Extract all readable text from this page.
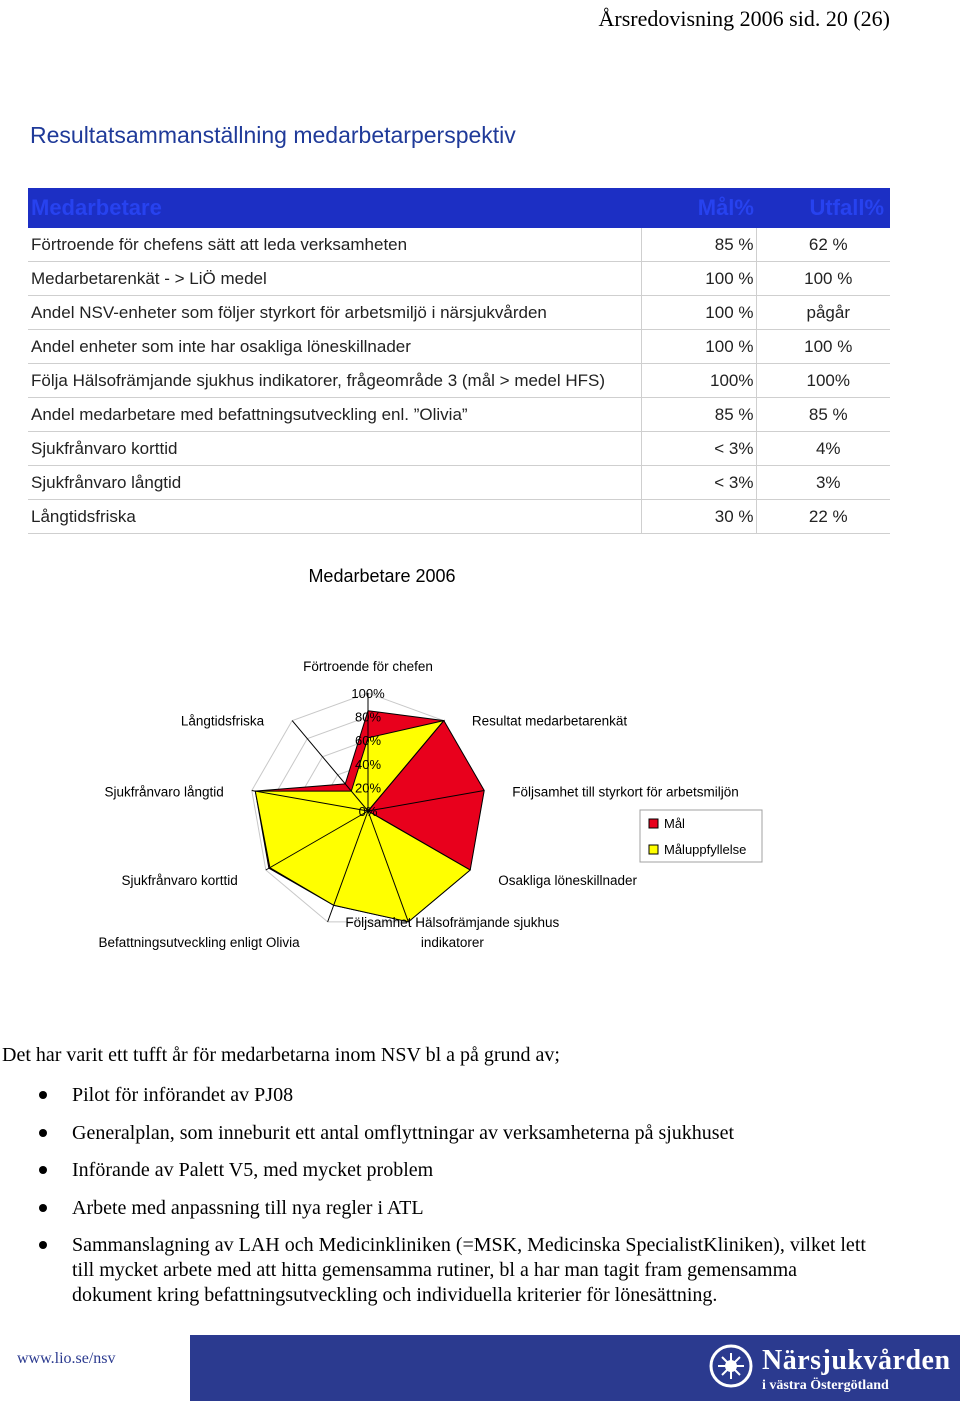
Årsredovisning 2006 sid. 20 (26)
Resultatsammanställning medarbetarperspektiv
Medarbetare		Mål%	Utfall%
Förtroende för chefens sätt att leda verksamheten		85 %	62 %
Medarbetarenkät - > LiÖ medel		100 %	100 %
Andel NSV-enheter som följer styrkort för arbetsmiljö i närsjukvården		100 %	pågår
Andel enheter som inte har osakliga löneskillnader		100 %	100 %
Följa Hälsofrämjande sjukhus indikatorer, frågeområde 3 (mål > medel HFS)		100%	100%
Andel medarbetare med befattningsutveckling enl. ”Olivia”		85 %	85 %
Sjukfrånvaro korttid		< 3%	4%
Sjukfrånvaro långtid		< 3%	3%
Långtidsfriska		30 %	22 %
Medarbetare 2006
0%
20%
40%
60%
80%
100%
Förtroende för chefen
Resultat medarbetarenkät
Följsamhet till styrkort för arbetsmiljön
Osakliga löneskillnader
Följsamhet Hälsofrämjande sjukhus
indikatorer
Befattningsutveckling enligt Olivia
Sjukfrånvaro korttid
Sjukfrånvaro långtid
Långtidsfriska
Mål
Måluppfyllelse

Det har varit ett tufft år för medarbetarna inom NSV bl a på grund av;

Pilot för införandet av PJ08
Generalplan, som inneburit ett antal omflyttningar av verksamheterna på sjukhuset
Införande av Palett V5, med mycket problem
Arbete med anpassning till nya regler i ATL
Sammanslagning av LAH och Medicinkliniken (=MSK, Medicinska SpecialistKliniken), vilket lett till mycket arbete med att hitta gemensamma rutiner, bl a har man tagit fram gemensamma dokument kring befattningsutveckling och individuella kriterier för lönesättning.
www.lio.se/nsv	Närsjukvården
i västra Östergötland
